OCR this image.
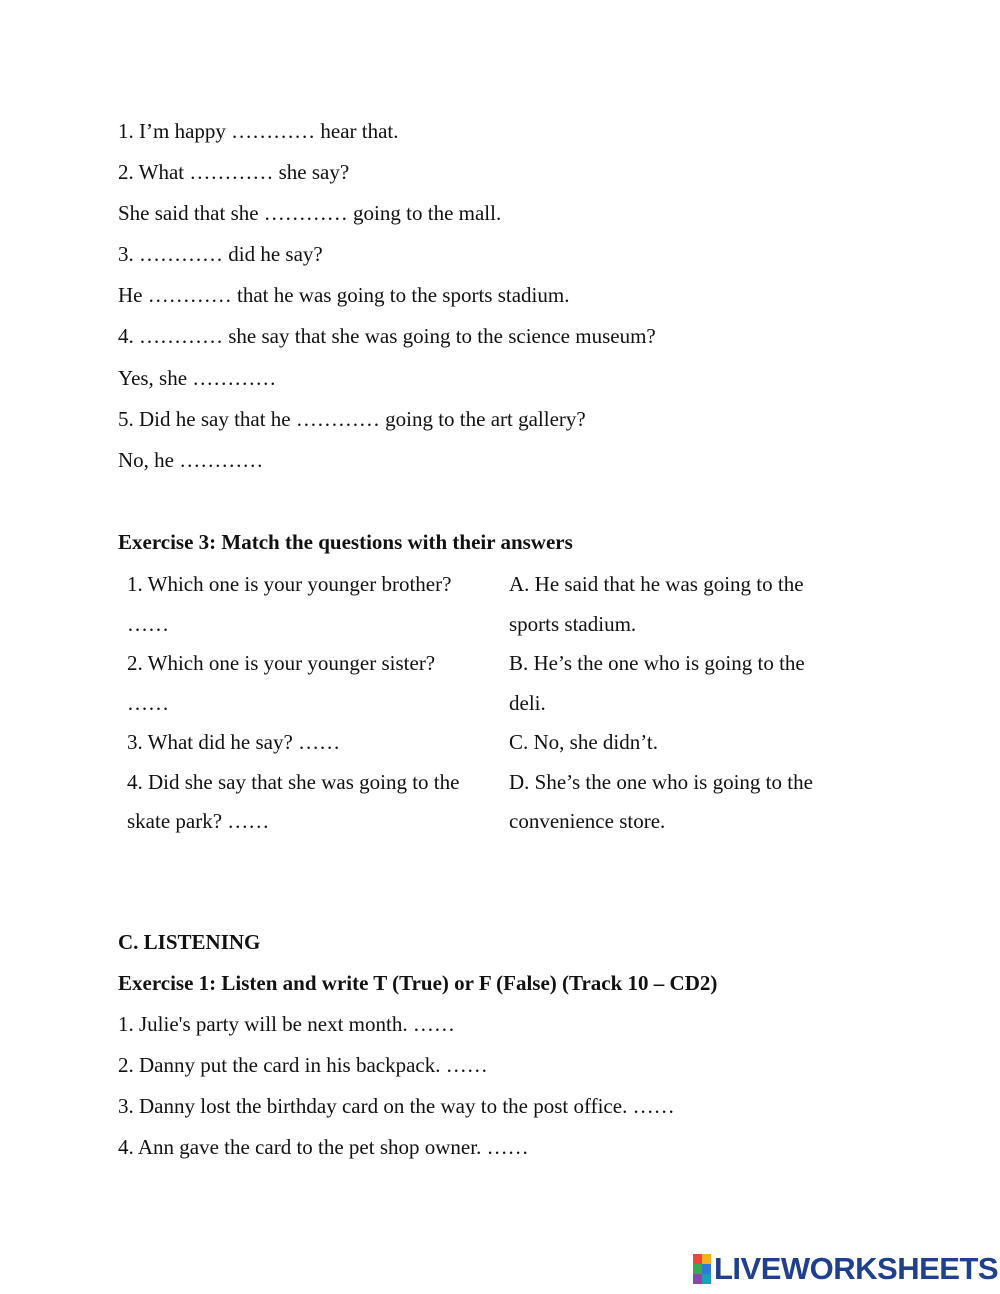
1. I’m happy ………… hear that.
2. What ………… she say?
She said that she ………… going to the mall.
3. ………… did he say?
He ………… that he was going to the sports stadium.
4. ………… she say that she was going to the science museum?
Yes, she …………
5. Did he say that he ………… going to the art gallery?
No, he …………
Exercise 3: Match the questions with their answers
1. Which one is your younger brother?
……
A. He said that he was going to the
sports stadium.
2. Which one is your younger sister?
……
B. He’s the one who is going to the
deli.
3. What did he say? ……	C. No, she didn’t.
4. Did she say that she was going to the
skate park? ……
D. She’s the one who is going to the
convenience store.
C. LISTENING
Exercise 1: Listen and write T (True) or F (False) (Track 10 – CD2)
1. Julie's party will be next month. ……
2. Danny put the card in his backpack. ……
3. Danny lost the birthday card on the way to the post office. ……
4. Ann gave the card to the pet shop owner. ……
LIVEWORKSHEETS
